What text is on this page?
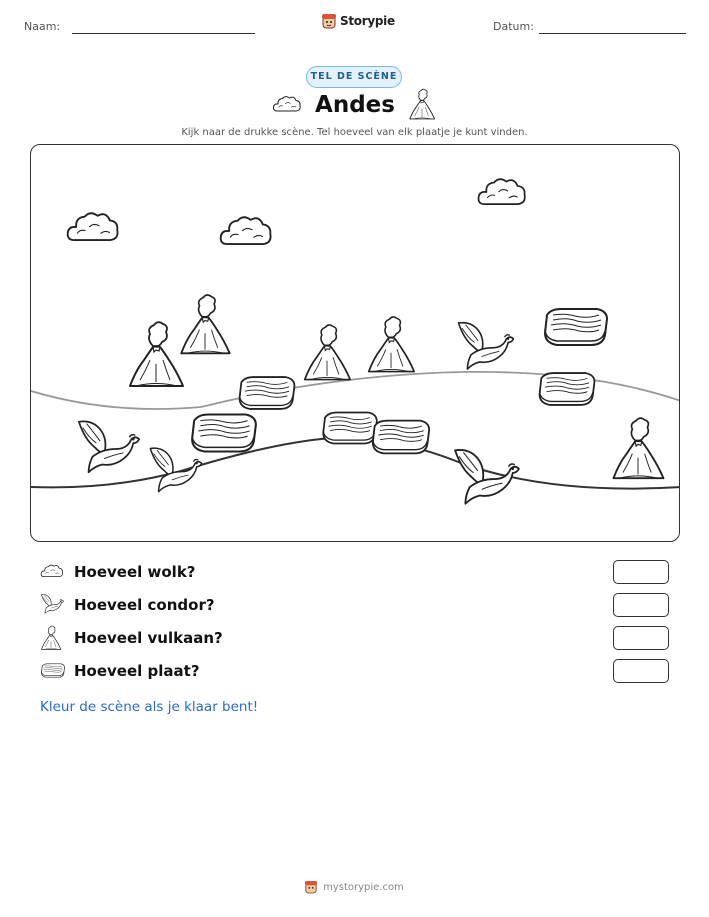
Naam:	Storypie	Datum:
TEL DE SCÈNE
Andes
Kijk naar de drukke scène. Tel hoeveel van elk plaatje je kunt vinden.
Hoeveel wolk?
Hoeveel condor?
Hoeveel vulkaan?
Hoeveel plaat?
Kleur de scène als je klaar bent!
mystorypie.com
